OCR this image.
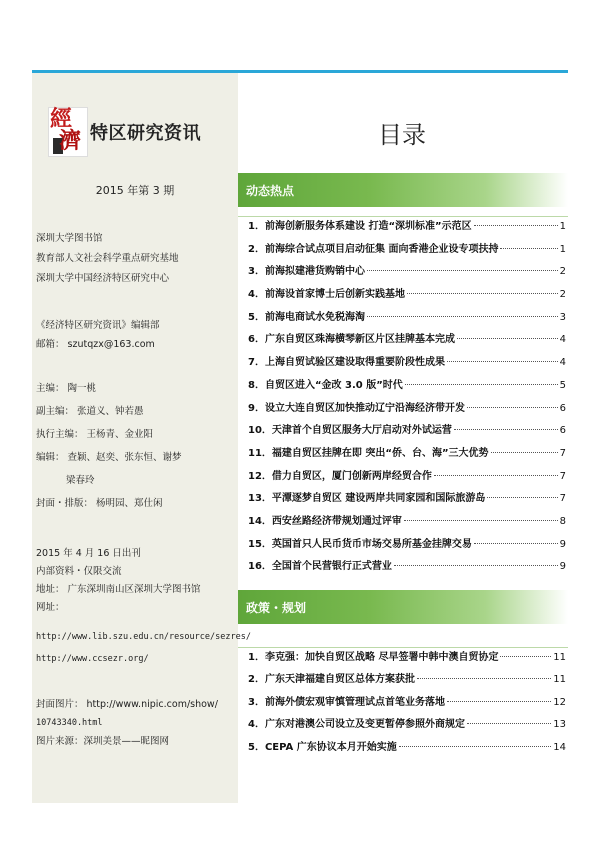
經
濟 特区研究资讯
2015 年第 3 期
深圳大学图书馆
教育部人文社会科学重点研究基地
深圳大学中国经济特区研究中心
《经济特区研究资讯》编辑部
邮箱： szutqzx@163.com
主编： 陶一桃
副主编： 张道义、钟若愚
执行主编： 王杨青、金业阳
编辑： 查颖、赵奕、张东恒、谢梦
梁春玲
封面・排版： 杨明园、郑仕闲
2015 年 4 月 16 日出刊
内部资料・仅限交流
地址： 广东深圳南山区深圳大学图书馆
网址：
http://www.lib.szu.edu.cn/resource/sezres/
http://www.ccsezr.org/
封面图片： http://www.nipic.com/show/
10743340.html
图片来源：深圳美景——昵图网
目录
动态热点
1． 前海创新服务体系建设 打造“深圳标准”示范区	1
2． 前海综合试点项目启动征集 面向香港企业设专项扶持	1
3． 前海拟建港货购销中心	2
4． 前海设首家博士后创新实践基地	2
5． 前海电商试水免税海淘	3
6． 广东自贸区珠海横琴新区片区挂牌基本完成	4
7． 上海自贸试验区建设取得重要阶段性成果	4
8． 自贸区进入“金改 3.0 版”时代	5
9． 设立大连自贸区加快推动辽宁沿海经济带开发	6
10． 天津首个自贸区服务大厅启动对外试运营	6
11． 福建自贸区挂牌在即 突出“侨、台、海”三大优势	7
12． 借力自贸区，厦门创新两岸经贸合作	7
13． 平潭逐梦自贸区 建设两岸共同家园和国际旅游岛	7
14． 西安丝路经济带规划通过评审	8
15． 英国首只人民币货币市场交易所基金挂牌交易	9
16． 全国首个民营银行正式营业	9
政策・规划
1． 李克强：加快自贸区战略 尽早签署中韩中澳自贸协定	11
2． 广东天津福建自贸区总体方案获批	11
3． 前海外债宏观审慎管理试点首笔业务落地	12
4． 广东对港澳公司设立及变更暂停参照外商规定	13
5． CEPA 广东协议本月开始实施	14
